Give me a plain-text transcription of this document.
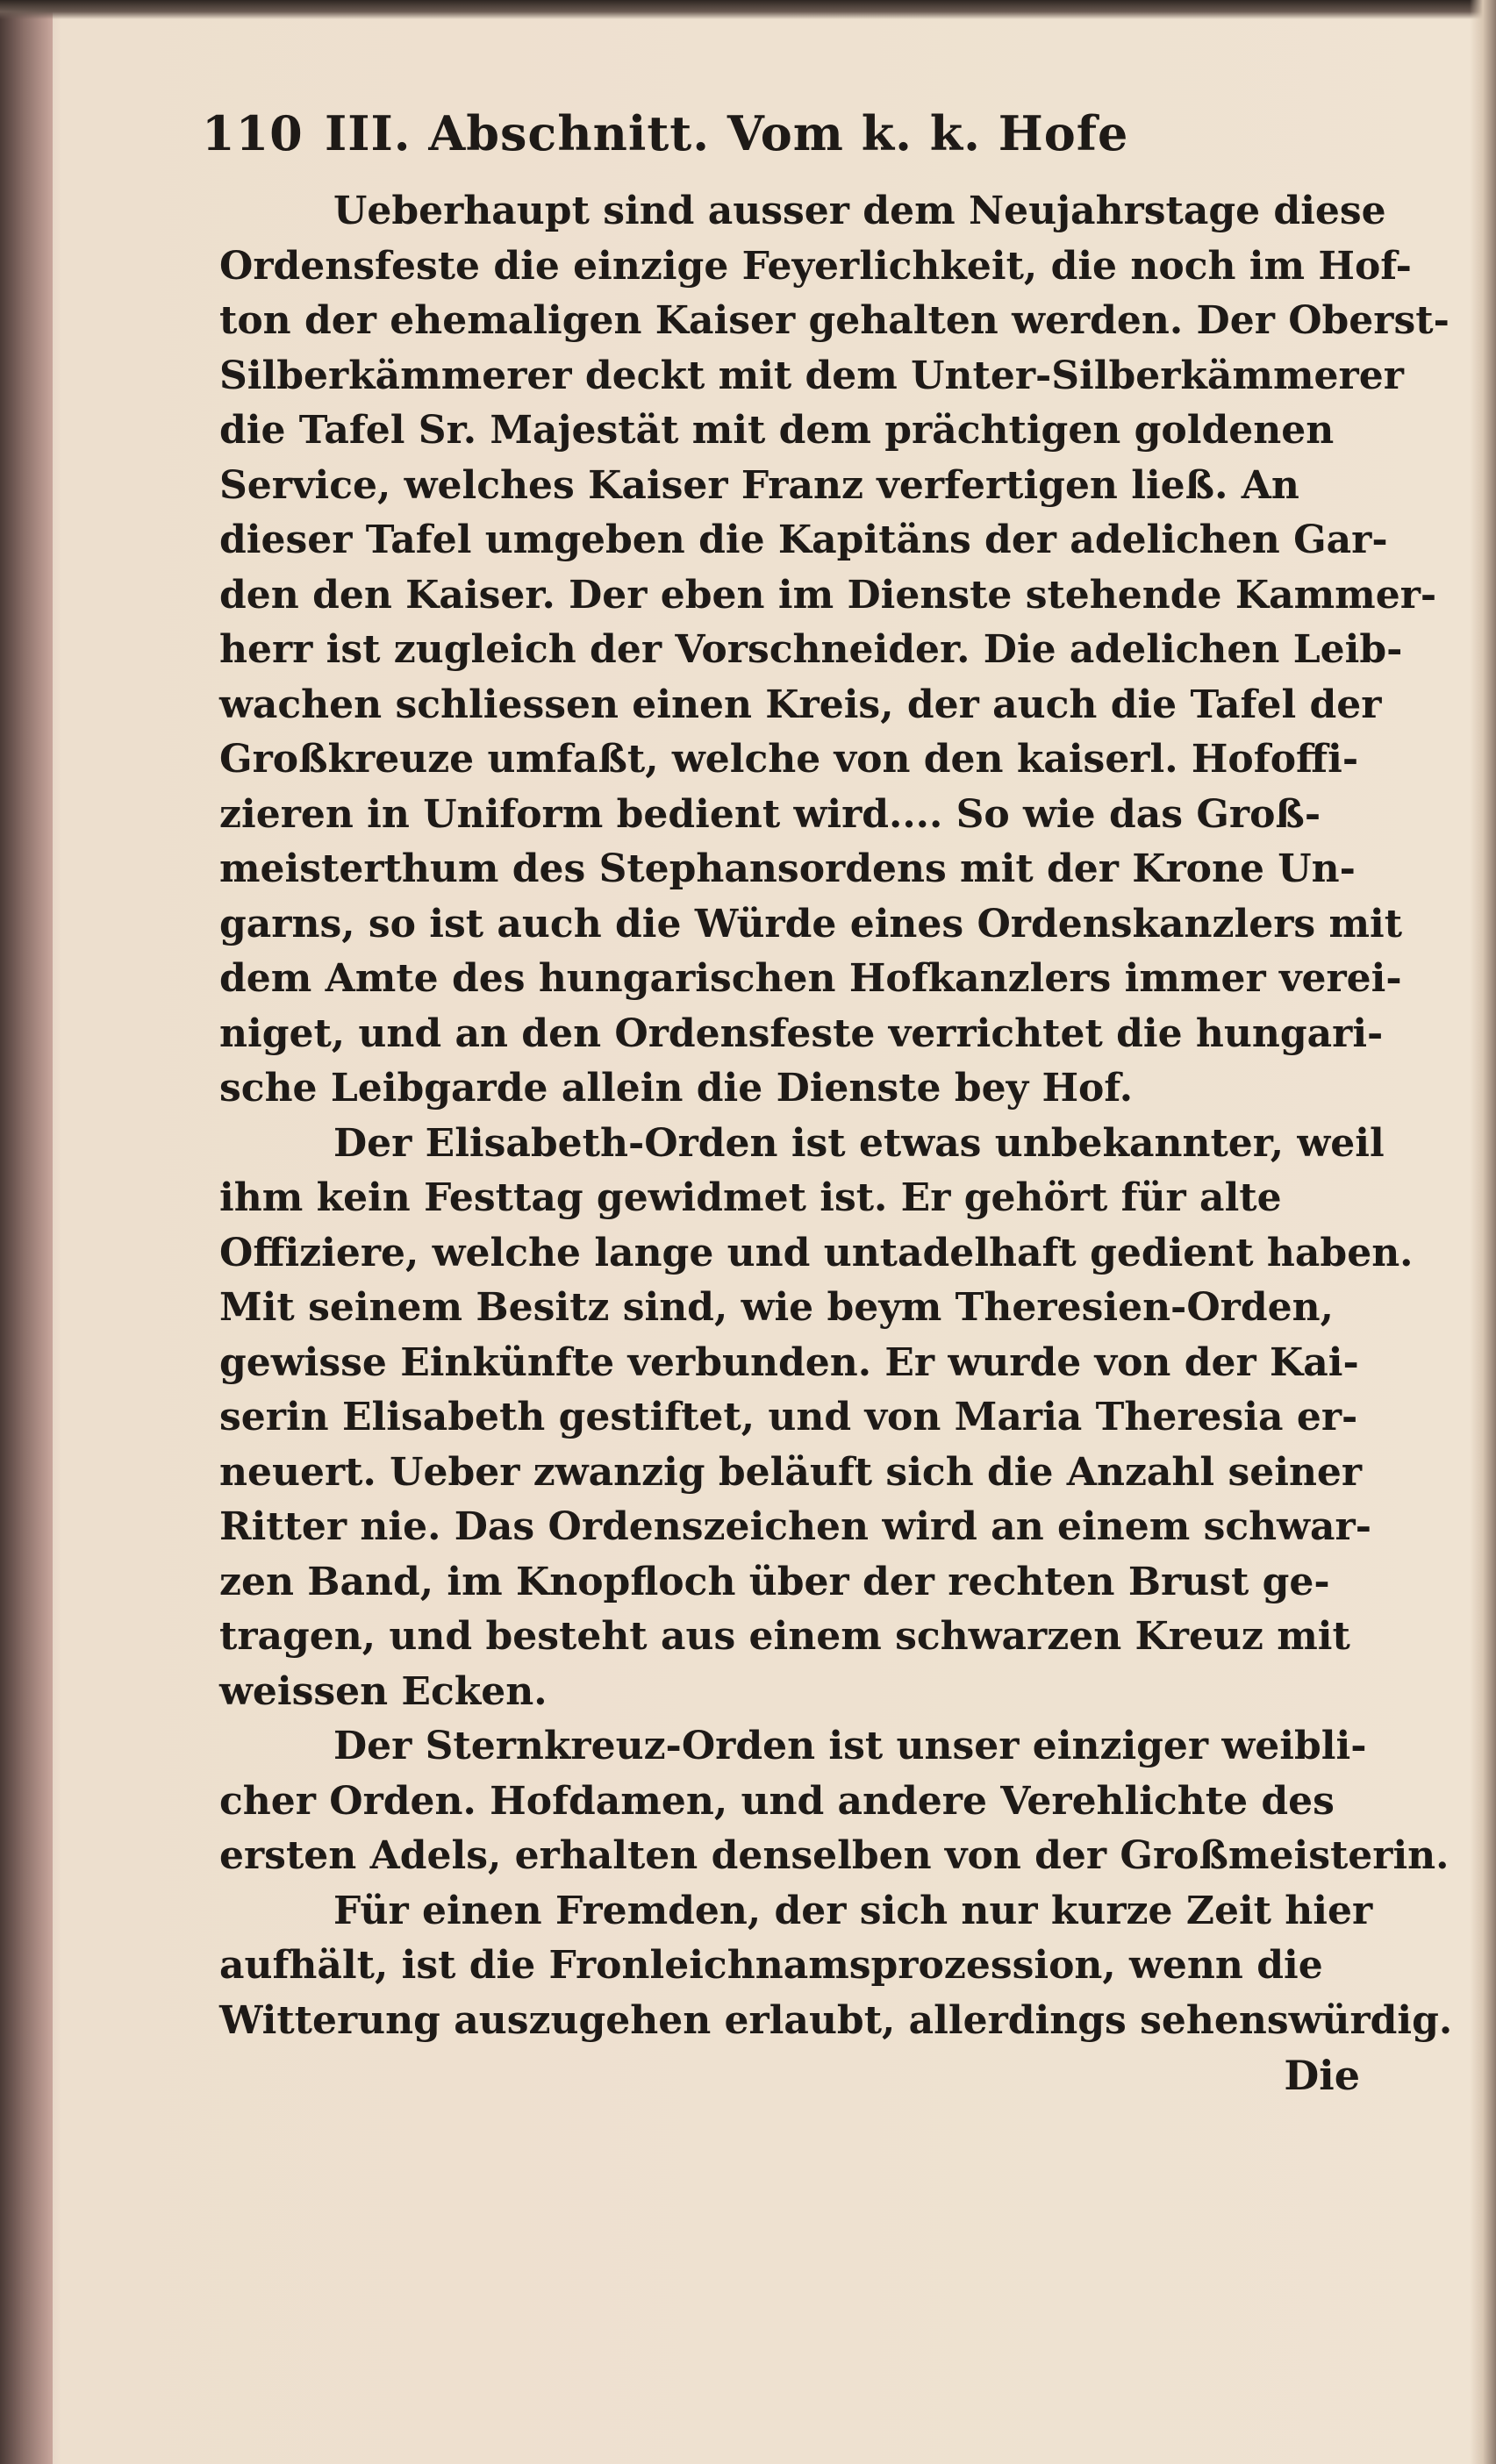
110 III. Abschnitt. Vom k. k. Hofe
Ueberhaupt sind ausser dem Neujahrstage diese
Ordensfeste die einzige Feyerlichkeit, die noch im Hof-
ton der ehemaligen Kaiser gehalten werden. Der Oberst-
Silberkämmerer deckt mit dem Unter-Silberkämmerer
die Tafel Sr. Majestät mit dem prächtigen goldenen
Service, welches Kaiser Franz verfertigen ließ. An
dieser Tafel umgeben die Kapitäns der adelichen Gar-
den den Kaiser. Der eben im Dienste stehende Kammer-
herr ist zugleich der Vorschneider. Die adelichen Leib-
wachen schliessen einen Kreis, der auch die Tafel der
Großkreuze umfaßt, welche von den kaiserl. Hofoffi-
zieren in Uniform bedient wird.... So wie das Groß-
meisterthum des Stephansordens mit der Krone Un-
garns, so ist auch die Würde eines Ordenskanzlers mit
dem Amte des hungarischen Hofkanzlers immer verei-
niget, und an den Ordensfeste verrichtet die hungari-
sche Leibgarde allein die Dienste bey Hof.
Der Elisabeth-Orden ist etwas unbekannter, weil
ihm kein Festtag gewidmet ist. Er gehört für alte
Offiziere, welche lange und untadelhaft gedient haben.
Mit seinem Besitz sind, wie beym Theresien-Orden,
gewisse Einkünfte verbunden. Er wurde von der Kai-
serin Elisabeth gestiftet, und von Maria Theresia er-
neuert. Ueber zwanzig beläuft sich die Anzahl seiner
Ritter nie. Das Ordenszeichen wird an einem schwar-
zen Band, im Knopfloch über der rechten Brust ge-
tragen, und besteht aus einem schwarzen Kreuz mit
weissen Ecken.
Der Sternkreuz-Orden ist unser einziger weibli-
cher Orden. Hofdamen, und andere Verehlichte des
ersten Adels, erhalten denselben von der Großmeisterin.
Für einen Fremden, der sich nur kurze Zeit hier
aufhält, ist die Fronleichnamsprozession, wenn die
Witterung auszugehen erlaubt, allerdings sehenswürdig.
Die
